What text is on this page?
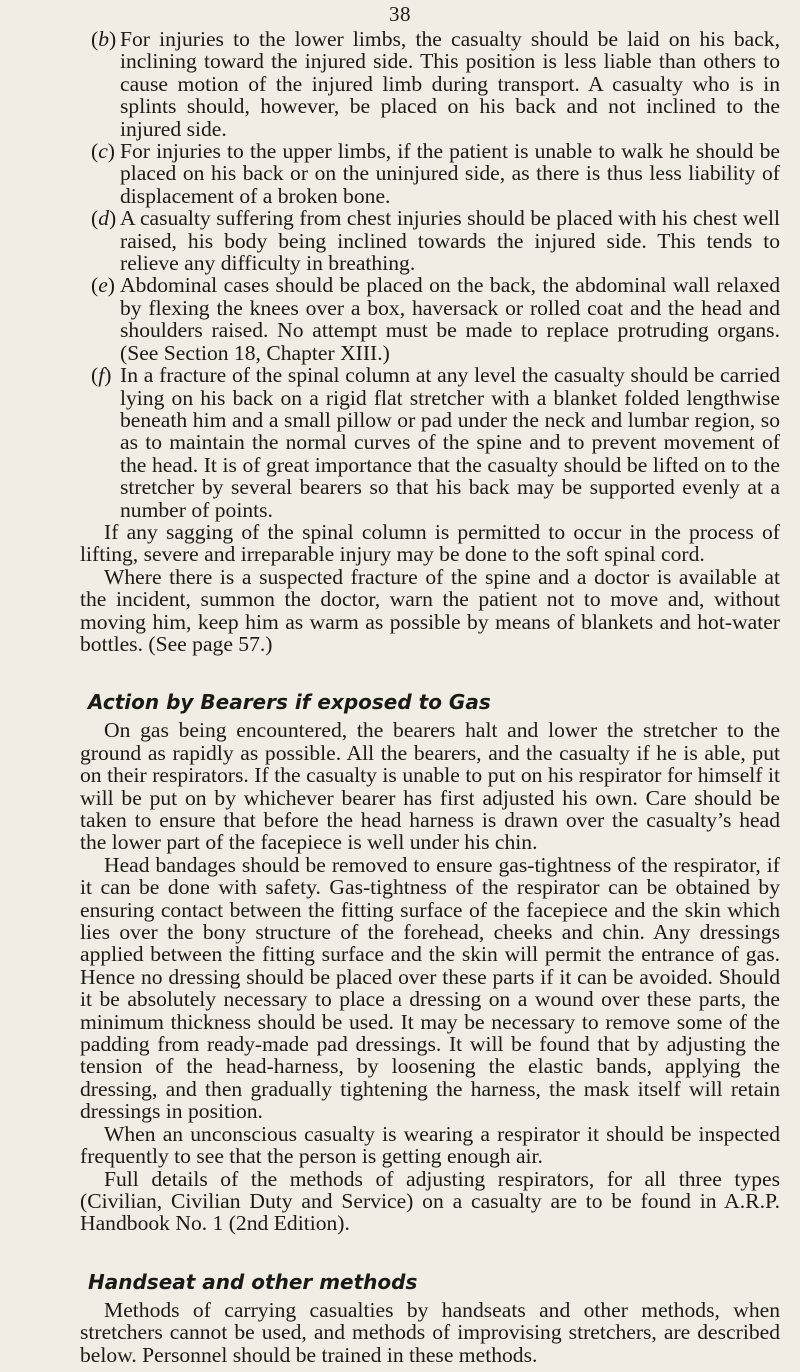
38
(b) For injuries to the lower limbs, the casualty should be laid on his back, inclining toward the injured side. This position is less liable than others to cause motion of the injured limb during transport. A casualty who is in splints should, however, be placed on his back and not inclined to the injured side.
(c) For injuries to the upper limbs, if the patient is unable to walk he should be placed on his back or on the uninjured side, as there is thus less liability of displacement of a broken bone.
(d) A casualty suffering from chest injuries should be placed with his chest well raised, his body being inclined towards the injured side. This tends to relieve any difficulty in breathing.
(e) Abdominal cases should be placed on the back, the abdominal wall relaxed by flexing the knees over a box, haversack or rolled coat and the head and shoulders raised. No attempt must be made to replace protruding organs. (See Section 18, Chapter XIII.)
(f) In a fracture of the spinal column at any level the casualty should be carried lying on his back on a rigid flat stretcher with a blanket folded lengthwise beneath him and a small pillow or pad under the neck and lumbar region, so as to maintain the normal curves of the spine and to prevent movement of the head. It is of great importance that the casualty should be lifted on to the stretcher by several bearers so that his back may be supported evenly at a number of points.

If any sagging of the spinal column is permitted to occur in the process of lifting, severe and irreparable injury may be done to the soft spinal cord.

Where there is a suspected fracture of the spine and a doctor is available at the incident, summon the doctor, warn the patient not to move and, without moving him, keep him as warm as possible by means of blankets and hot-water bottles. (See page 57.)

Action by Bearers if exposed to Gas

On gas being encountered, the bearers halt and lower the stretcher to the ground as rapidly as possible. All the bearers, and the casualty if he is able, put on their respirators. If the casualty is unable to put on his respirator for himself it will be put on by whichever bearer has first adjusted his own. Care should be taken to ensure that before the head harness is drawn over the casualty’s head the lower part of the facepiece is well under his chin.

Head bandages should be removed to ensure gas-tightness of the respirator, if it can be done with safety. Gas-tightness of the respirator can be obtained by ensuring contact between the fitting surface of the facepiece and the skin which lies over the bony structure of the forehead, cheeks and chin. Any dressings applied between the fitting surface and the skin will permit the entrance of gas. Hence no dressing should be placed over these parts if it can be avoided. Should it be absolutely necessary to place a dressing on a wound over these parts, the minimum thickness should be used. It may be necessary to remove some of the padding from ready-made pad dressings. It will be found that by adjusting the tension of the head-harness, by loosening the elastic bands, applying the dressing, and then gradually tightening the harness, the mask itself will retain dressings in position.

When an unconscious casualty is wearing a respirator it should be inspected frequently to see that the person is getting enough air.

Full details of the methods of adjusting respirators, for all three types (Civilian, Civilian Duty and Service) on a casualty are to be found in A.R.P. Handbook No. 1 (2nd Edition).

Handseat and other methods

Methods of carrying casualties by handseats and other methods, when stretchers cannot be used, and methods of improvising stretchers, are described below. Personnel should be trained in these methods.
